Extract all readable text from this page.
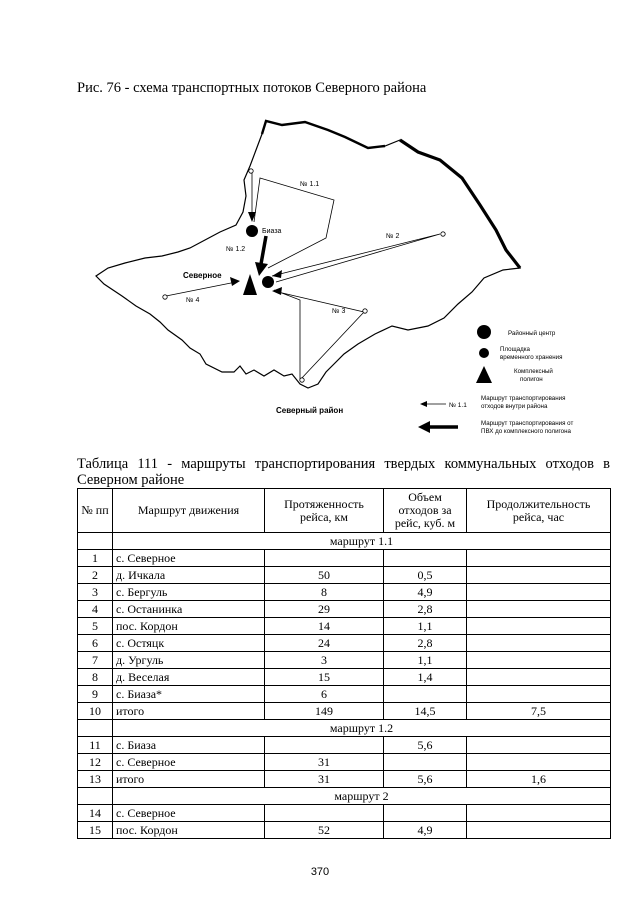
Рис. 76 - схема транспортных потоков Северного района
№ 1.1
№ 1.2
№ 2
№ 3
№ 4
Биаза
Северное
Северный район
Районный центр
Площадка временного хранения
Комплексный полигон
№ 1.1
Маршрут транспортирования отходов внутри района
Маршрут транспортирования от ПВХ до комплексного полигона
Таблица 111 - маршруты транспортирования твердых коммунальных отходов в Северном районе
№ пп	Маршрут движения	Протяженность рейса, км	Объем отходов за рейс, куб. м	Продолжительность рейса, час
	маршрут 1.1			
1	с. Северное			
2	д. Ичкала	50	0,5	
3	с. Бергуль	8	4,9	
4	с. Останинка	29	2,8	
5	пос. Кордон	14	1,1	
6	с. Остяцк	24	2,8	
7	д. Ургуль	3	1,1	
8	д. Веселая	15	1,4	
9	с. Биаза*	6		
10	итого	149	14,5	7,5
	маршрут 1.2			
11	с. Биаза		5,6	
12	с. Северное	31		
13	итого	31	5,6	1,6
	маршрут 2			
14	с. Северное			
15	пос. Кордон	52	4,9	
370
